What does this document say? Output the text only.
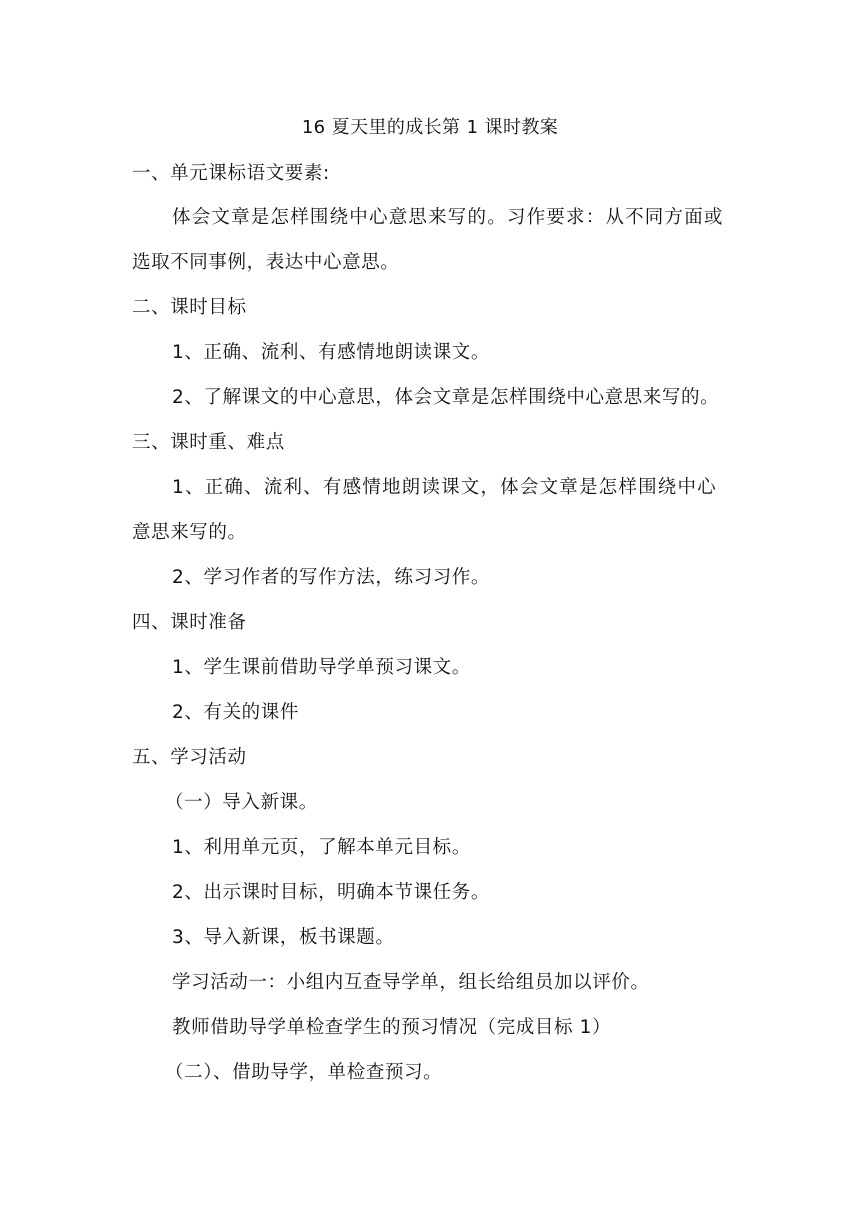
16 夏天里的成长第 1 课时教案
一、单元课标语文要素:
体会文章是怎样围绕中心意思来写的。习作要求：从不同方面或
选取不同事例，表达中心意思。
二、课时目标
1、正确、流利、有感情地朗读课文。
2、了解课文的中心意思，体会文章是怎样围绕中心意思来写的。
三、课时重、难点
1、正确、流利、有感情地朗读课文，体会文章是怎样围绕中心
意思来写的。
2、学习作者的写作方法，练习习作。
四、课时准备
1、学生课前借助导学单预习课文。
2、有关的课件
五、学习活动
（一）导入新课。
1、利用单元页，了解本单元目标。
2、出示课时目标，明确本节课任务。
3、导入新课，板书课题。
学习活动一：小组内互查导学单，组长给组员加以评价。
教师借助导学单检查学生的预习情况（完成目标 1）
（二）、借助导学，单检查预习。
